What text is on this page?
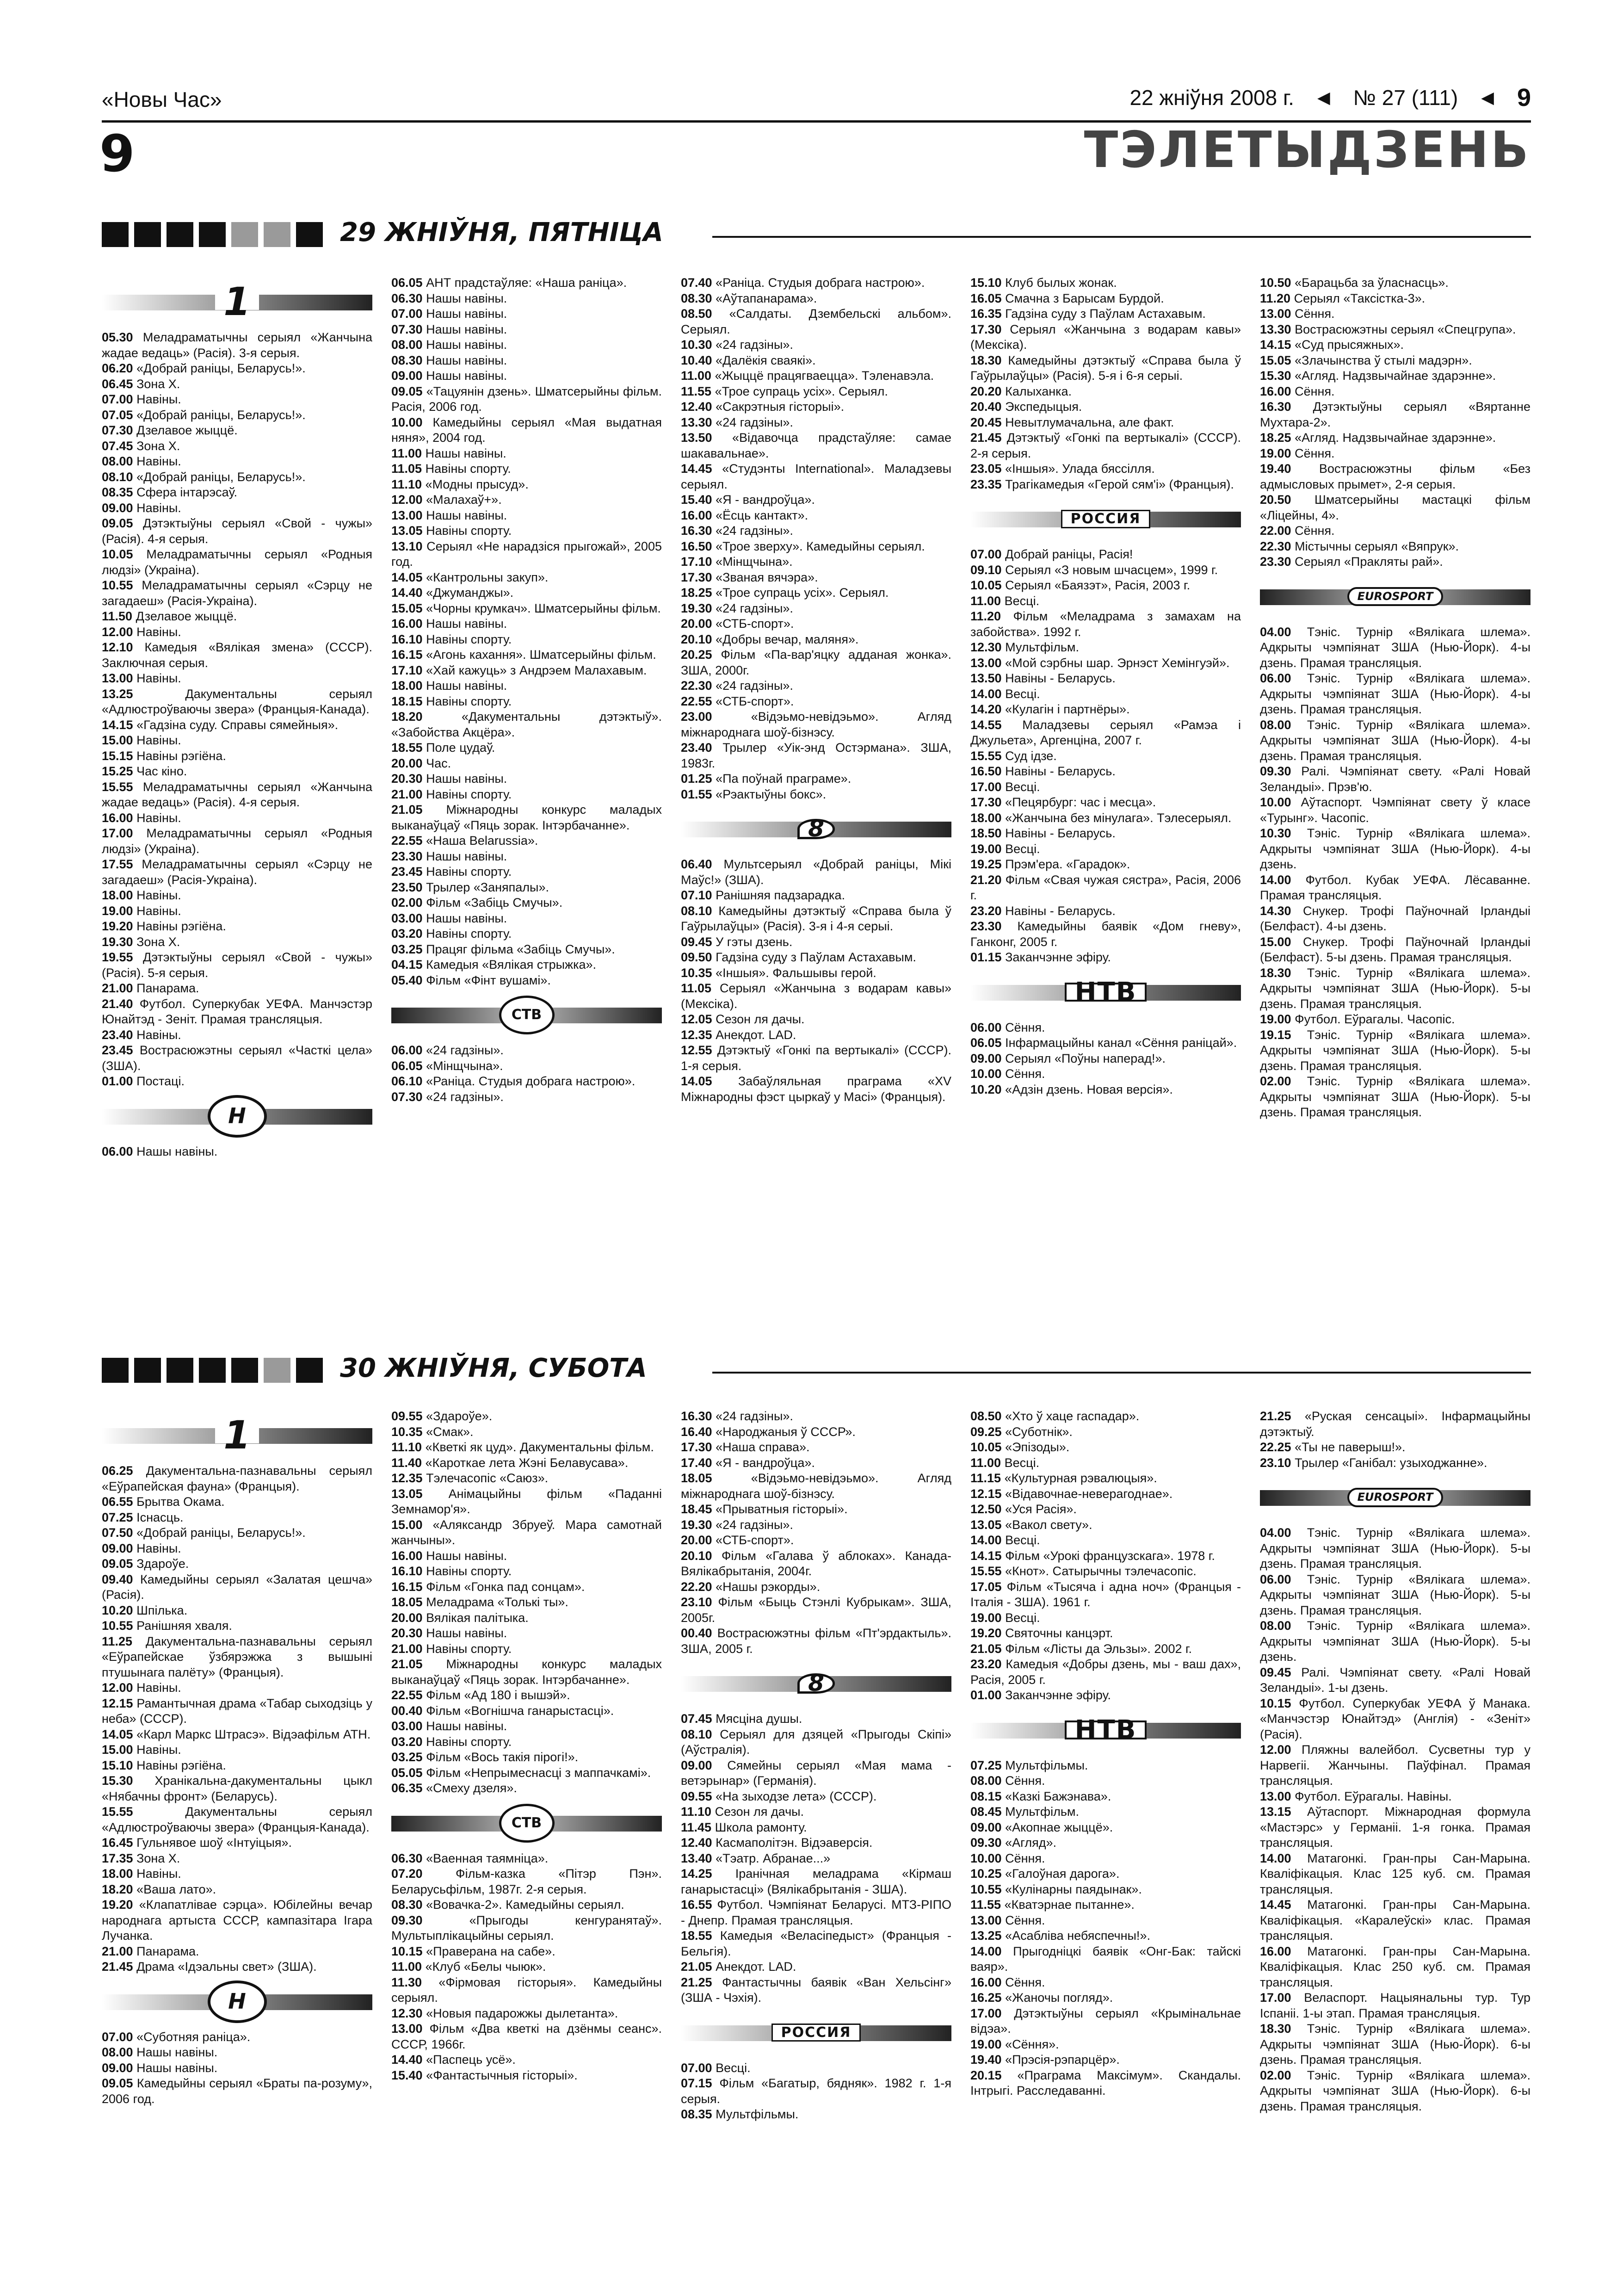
«Новы Час»	22 жніўня 2008 г. ◀ № 27 (111) ◀ 9
9	ТЭЛЕТЫДЗЕНЬ
29 ЖНІЎНЯ, ПЯТНІЦА
1

05.30 Меладраматычны серыял «Жанчына жадае ведаць» (Расія). 3-я серыя.

06.20 «Добрай раніцы, Беларусь!».

06.45 Зона Х.

07.00 Навіны.

07.05 «Добрай раніцы, Беларусь!».

07.30 Дзелавое жыццё.

07.45 Зона Х.

08.00 Навіны.

08.10 «Добрай раніцы, Беларусь!».

08.35 Сфера інтарэсаў.

09.00 Навіны.

09.05 Дэтэктыўны серыял «Свой - чужы» (Расія). 4-я серыя.

10.05 Меладраматычны серыял «Родныя людзі» (Украіна).

10.55 Меладраматычны серыял «Сэрцу не загадаеш» (Расія-Украіна).

11.50 Дзелавое жыццё.

12.00 Навіны.

12.10 Камедыя «Вялікая змена» (СССР). Заключная серыя.

13.00 Навіны.

13.25	Дакументальны серыял «Адлюстроўваючы звера» (Францыя-Канада).

14.15 «Гадзіна суду. Справы сямейныя».

15.00 Навіны.

15.15 Навіны рэгіёна.

15.25 Час кіно.

15.55 Меладраматычны серыял «Жанчына жадае ведаць» (Расія). 4-я серыя.

16.00 Навіны.

17.00 Меладраматычны серыял «Родныя людзі» (Украіна).

17.55 Меладраматычны серыял «Сэрцу не загадаеш» (Расія-Украіна).

18.00 Навіны.

19.00 Навіны.

19.20 Навіны рэгіёна.

19.30 Зона Х.

19.55 Дэтэктыўны серыял «Свой - чужы» (Расія). 5-я серыя.

21.00 Панарама.

21.40 Футбол. Суперкубак УЕФА. Манчэстэр Юнайтэд - Зеніт. Прамая трансляцыя.

23.40 Навіны.

23.45 Вострасюжэтны серыял «Часткі цела» (ЗША).

01.00 Постаці.

Н

06.00 Нашы навіны.

06.05 АНТ прадстаўляе: «Наша раніца».

06.30 Нашы навіны.

07.00 Нашы навіны.

07.30 Нашы навіны.

08.00 Нашы навіны.

08.30 Нашы навіны.

09.00 Нашы навіны.

09.05 «Тацуянін дзень». Шматсерыйны фільм. Расія, 2006 год.

10.00 Камедыйны серыял «Мая выдатная няня», 2004 год.

11.00 Нашы навіны.

11.05 Навіны спорту.

11.10 «Модны прысуд».

12.00 «Малахаў+».

13.00 Нашы навіны.

13.05 Навіны спорту.

13.10 Серыял «Не нарадзіся прыгожай», 2005 год.

14.05 «Кантрольны закуп».

14.40 «Джуманджы».

15.05 «Чорны крумкач». Шматсерыйны фільм.

16.00 Нашы навіны.

16.10 Навіны спорту.

16.15 «Агонь кахання». Шматсерыйны фільм.

17.10 «Хай кажуць» з Андрэем Малахавым.

18.00 Нашы навіны.

18.15 Навіны спорту.

18.20	«Дакументальны дэтэктыў». «Забойства Акцёра».

18.55 Поле цудаў.

20.00 Час.

20.30 Нашы навіны.

21.00 Навіны спорту.

21.05 Міжнародны конкурс маладых выканаўцаў «Пяць зорак. Інтэрбачанне».

22.55 «Наша Belarussia».

23.30 Нашы навіны.

23.45 Навіны спорту.

23.50 Трылер «Заняпалы».

02.00 Фільм «Забіць Смучы».

03.00 Нашы навіны.

03.20 Навіны спорту.

03.25 Працяг фільма «Забіць Смучы».

04.15 Камедыя «Вялікая стрыжка».

05.40 Фільм «Фінт вушамі».

СТВ

06.00 «24 гадзіны».

06.05 «Мінщчына».

06.10 «Раніца. Студыя добрага настрою».

07.30 «24 гадзіны».

07.40 «Раніца. Студыя добрага настрою».

08.30 «Аўтапанарама».

08.50 «Салдаты. Дзембельскі альбом». Серыял.

10.30 «24 гадзіны».

10.40 «Далёкія сваякі».

11.00 «Жыццё працягваецца». Тэленавэла.

11.55 «Трое супраць усіх». Серыял.

12.40 «Сакрэтныя гісторыі».

13.30 «24 гадзіны».

13.50 «Відавочца прадстаўляе: самае шакавальнае».

14.45 «Студэнты International». Маладзевы серыял.

15.40 «Я - вандроўца».

16.00 «Ёсць кантакт».

16.30 «24 гадзіны».

16.50 «Трое зверху». Камедыйны серыял.

17.10 «Мінщчына».

17.30 «Званая вячэра».

18.25 «Трое супраць усіх». Серыял.

19.30 «24 гадзіны».

20.00 «СТБ-спорт».

20.10 «Добры вечар, маляня».

20.25 Фільм «Па-вар'яцку адданая жонка». ЗША, 2000г.

22.30 «24 гадзіны».

22.55 «СТБ-спорт».

23.00	«Відэьмо-невідэьмо». Агляд міжнароднага шоў-бізнэсу.

23.40 Трылер «Уік-энд Остэрмана». ЗША, 1983г.

01.25 «Па поўнай праграме».

01.55 «Рэактыўны бокс».

8

06.40 Мультсерыял «Добрай раніцы, Мікі Маўс!» (ЗША).

07.10 Ранішняя падзарадка.

08.10 Камедыйны дэтэктыў «Справа была ў Гаўрылаўцы» (Расія). 3-я і 4-я серыі.

09.45 У гэты дзень.

09.50 Гадзіна суду з Паўлам Астахавым.

10.35 «Іншыя». Фальшывы герой.

11.05 Серыял «Жанчына з водарам кавы» (Мексіка).

12.05 Сезон ля дачы.

12.35 Анекдот. LAD.

12.55 Дэтэктыў «Гонкі па вертыкалі» (СССР). 1-я серыя.

14.05 Забаўляльная праграма «XV Міжнародны фэст цыркаў у Масі» (Францыя).

15.10 Клуб былых жонак.

16.05 Смачна з Барысам Бурдой.

16.35 Гадзіна суду з Паўлам Астахавым.

17.30 Серыял «Жанчына з водарам кавы» (Мексіка).

18.30 Камедыйны дэтэктыў «Справа была ў Гаўрылаўцы» (Расія). 5-я і 6-я серыі.

20.20 Калыханка.

20.40 Экспедыцыя.

20.45 Невытлумачальна, але факт.

21.45 Дэтэктыў «Гонкі па вертыкалі» (СССР). 2-я серыя.

23.05 «Іншыя». Улада бяссілля.

23.35 Трагікамедыя «Герой сям'і» (Францыя).

РОССИЯ

07.00 Добрай раніцы, Расія!

09.10 Серыял «З новым шчасцем», 1999 г.

10.05 Серыял «Баязэт», Расія, 2003 г.

11.00 Весці.

11.20 Фільм «Меладрама з замахам на забойства». 1992 г.

12.30 Мультфільм.

13.00 «Мой сэрбны шар. Эрнэст Хемінгуэй».

13.50 Навіны - Беларусь.

14.00 Весці.

14.20 «Кулагін і партнёры».

14.55 Маладзевы серыял «Рамэа і Джульета», Аргенціна, 2007 г.

15.55 Суд ідзе.

16.50 Навіны - Беларусь.

17.00 Весці.

17.30 «Пецярбург: час і месца».

18.00 «Жанчына без мінулага». Тэлесерыял.

18.50 Навіны - Беларусь.

19.00 Весці.

19.25 Прэм'ера. «Гарадок».

21.20 Фільм «Свая чужая сястра», Расія, 2006 г.

23.20 Навіны - Беларусь.

23.30 Камедыйны баявік «Дом гневу», Ганконг, 2005 г.

01.15 Заканчэнне эфіру.

НТВ

06.00 Сёння.

06.05 Інфармацыйны канал «Сёння раніцай».

09.00 Серыял «Поўны наперад!».

10.00 Сёння.

10.20 «Адзін дзень. Новая версія».

10.50 «Барацьба за ўласнасць».

11.20 Серыял «Таксістка-3».

13.00 Сёння.

13.30 Вострасюжэтны серыял «Спецгрупа».

14.15 «Суд прысяжных».

15.05 «Злачынства ў стылі мадэрн».

15.30 «Агляд. Надзвычайнае здарэнне».

16.00 Сёння.

16.30 Дэтэктыўны серыял «Вяртанне Мухтара-2».

18.25 «Агляд. Надзвычайнае здарэнне».

19.00 Сёння.

19.40 Вострасюжэтны фільм «Без адмысловых прымет», 2-я серыя.

20.50 Шматсерыйны мастацкі фільм «Ліцейны, 4».

22.00 Сёння.

22.30 Містычны серыял «Вяпрук».

23.30 Серыял «Пракляты рай».

EUROSPORT

04.00 Тэніс. Турнір «Вялікага шлема». Адкрыты чэмпіянат ЗША (Нью-Йорк). 4-ы дзень. Прамая трансляцыя.

06.00 Тэніс. Турнір «Вялікага шлема». Адкрыты чэмпіянат ЗША (Нью-Йорк). 4-ы дзень. Прамая трансляцыя.

08.00 Тэніс. Турнір «Вялікага шлема». Адкрыты чэмпіянат ЗША (Нью-Йорк). 4-ы дзень. Прамая трансляцыя.

09.30 Ралі. Чэмпіянат свету. «Ралі Новай Зеландыі». Прэв'ю.

10.00 Аўтаспорт. Чэмпіянат свету ў класе «Турынг». Часопіс.

10.30 Тэніс. Турнір «Вялікага шлема». Адкрыты чэмпіянат ЗША (Нью-Йорк). 4-ы дзень.

14.00 Футбол. Кубак УЕФА. Лёсаванне. Прамая трансляцыя.

14.30 Снукер. Трофі Паўночнай Ірландыі (Белфаст). 4-ы дзень.

15.00 Снукер. Трофі Паўночнай Ірландыі (Белфаст). 5-ы дзень. Прамая трансляцыя.

18.30 Тэніс. Турнір «Вялікага шлема». Адкрыты чэмпіянат ЗША (Нью-Йорк). 5-ы дзень. Прамая трансляцыя.

19.00 Футбол. Еўрагалы. Часопіс.

19.15 Тэніс. Турнір «Вялікага шлема». Адкрыты чэмпіянат ЗША (Нью-Йорк). 5-ы дзень. Прамая трансляцыя.

02.00 Тэніс. Турнір «Вялікага шлема». Адкрыты чэмпіянат ЗША (Нью-Йорк). 5-ы дзень. Прамая трансляцыя.

30 ЖНІЎНЯ, СУБОТА
1

06.25 Дакументальна-пазнавальны серыял «Еўрапейская фауна» (Францыя).

06.55 Брытва Окама.

07.25 Існасць.

07.50 «Добрай раніцы, Беларусь!».

09.00 Навіны.

09.05 Здароўе.

09.40 Камедыйны серыял «Залатая цешча» (Расія).

10.20 Шпілька.

10.55 Ранішняя хваля.

11.25 Дакументальна-пазнавальны серыял «Еўрапейскае ўзбярэжжа з вышыні птушынага палёту» (Францыя).

12.00 Навіны.

12.15 Рамантычная драма «Табар сыходзіць у неба» (СССР).

14.05 «Карл Маркс Штрасэ». Відэафільм АТН.

15.00 Навіны.

15.10 Навіны рэгіёна.

15.30 Хранікальна-дакументальны цыкл «Нябачны фронт» (Беларусь).

15.55	Дакументальны серыял «Адлюстроўваючы звера» (Францыя-Канада).

16.45 Гульнявое шоў «Інтуіцыя».

17.35 Зона Х.

18.00 Навіны.

18.20 «Ваша лато».

19.20 «Клапатлівае сэрца». Юбілейны вечар народнага артыста СССР, кампазітара Ігара Лучанка.

21.00 Панарама.

21.45 Драма «Ідэальны свет» (ЗША).

Н

07.00 «Суботняя раніца».

08.00 Нашы навіны.

09.00 Нашы навіны.

09.05 Камедыйны серыял «Браты па-розуму», 2006 год.

09.55 «Здароўе».

10.35 «Смак».

11.10 «Кветкі як цуд». Дакументальны фільм.

11.40 «Кароткае лета Жэні Белавусава».

12.35 Тэлечасопіс «Саюз».

13.05 Анімацыйны фільм «Паданні Земнамор'я».

15.00 «Аляксандр Збруеў. Мара самотнай жанчыны».

16.00 Нашы навіны.

16.10 Навіны спорту.

16.15 Фільм «Гонка пад сонцам».

18.05 Меладрама «Толькі ты».

20.00 Вялікая палітыка.

20.30 Нашы навіны.

21.00 Навіны спорту.

21.05 Міжнародны конкурс маладых выканаўцаў «Пяць зорак. Інтэрбачанне».

22.55 Фільм «Ад 180 і вышэй».

00.40 Фільм «Вогнішча ганарыстасці».

03.00 Нашы навіны.

03.20 Навіны спорту.

03.25 Фільм «Вось такія пірогі!».

05.05 Фільм «Непрымеснасці з маппачкамі».

06.35 «Смеху дзеля».

СТВ

06.30 «Ваенная таямніца».

07.20	Фільм-казка «Пітэр Пэн». Беларусьфільм, 1987г. 2-я серыя.

08.30 «Вовачка-2». Камедыйны серыял.

09.30	«Прыгоды кенгуранятаў». Мультыплікацыйны серыял.

10.15 «Праверана на сабе».

11.00 «Клуб «Белы чыюк».

11.30 «Фірмовая гісторыя». Камедыйны серыял.

12.30 «Новыя падарожжы дылетанта».

13.00 Фільм «Два кветкі на дзёнмы сеанс». СССР, 1966г.

14.40 «Паспець усё».

15.40 «Фантастычныя гісторыі».

16.30 «24 гадзіны».

16.40 «Народжаныя ў СССР».

17.30 «Наша справа».

17.40 «Я - вандроўца».

18.05	«Відэьмо-невідэьмо». Агляд міжнароднага шоў-бізнэсу.

18.45 «Прыватныя гісторыі».

19.30 «24 гадзіны».

20.00 «СТБ-спорт».

20.10 Фільм «Галава ў аблоках». Канада-Вялікабрытанія, 2004г.

22.20 «Нашы рэкорды».

23.10 Фільм «Быць Стэнлі Кубрыкам». ЗША, 2005г.

00.40 Вострасюжэтны фільм «Пт'эрдактыль». ЗША, 2005 г.

8

07.45 Мясціна душы.

08.10 Серыял для дзяцей «Прыгоды Скіпі» (Аўстралія).

09.00 Сямейны серыял «Мая мама - ветэрынар» (Германія).

09.55 «На зыходзе лета» (СССР).

11.10 Сезон ля дачы.

11.45 Школа рамонту.

12.40 Касмаполітэн. Відэаверсія.

13.40 «Тэатр. Абранае...»

14.25 Іранічная меладрама «Кірмаш ганарыстасці» (Вялікабрытанія - ЗША).

16.55 Футбол. Чэмпіянат Беларусі. МТЗ-РІПО - Днепр. Прамая трансляцыя.

18.55 Камедыя «Веласіпедыст» (Францыя - Бельгія).

21.05 Анекдот. LAD.

21.25 Фантастычны баявік «Ван Хельсінг» (ЗША - Чэхія).

РОССИЯ

07.00 Весці.

07.15 Фільм «Багатыр, бядняк». 1982 г. 1-я серыя.

08.35 Мультфільмы.

08.50 «Хто ў хаце гаспадар».

09.25 «Суботнік».

10.05 «Эпізоды».

11.00 Весці.

11.15 «Культурная рэвалюцыя».

12.15 «Відавочнае-неверагоднае».

12.50 «Уся Расія».

13.05 «Вакол свету».

14.00 Весці.

14.15 Фільм «Урокі французскага». 1978 г.

15.55 «Кнот». Сатырычны тэлечасопіс.

17.05 Фільм «Тысяча і адна ноч» (Францыя - Італія - ЗША). 1961 г.

19.00 Весці.

19.20 Святочны канцэрт.

21.05 Фільм «Лісты да Эльзы». 2002 г.

23.20 Камедыя «Добры дзень, мы - ваш дах», Расія, 2005 г.

01.00 Заканчэнне эфіру.

НТВ

07.25 Мультфільмы.

08.00 Сёння.

08.15 «Казкі Бажэнава».

08.45 Мультфільм.

09.00 «Акопнае жыццё».

09.30 «Агляд».

10.00 Сёння.

10.25 «Галоўная дарога».

10.55 «Кулінарны паядынак».

11.55 «Кватэрнае пытанне».

13.00 Сёння.

13.25 «Асабліва небяспечны!».

14.00 Прыгодніцкі баявік «Онг-Бак: тайскі ваяр».

16.00 Сёння.

16.25 «Жаночы погляд».

17.00 Дэтэктыўны серыял «Крымінальнае відэа».

19.00 «Сёння».

19.40 «Прэсія-рэпарцёр».

20.15 «Праграма Максімум». Скандалы. Інтрыгі. Расследаванні.

21.25 «Руская сенсацыі». Інфармацыйны дэтэктыў.

22.25 «Ты не паверыш!».

23.10 Трылер «Ганібал: узыходжанне».

EUROSPORT

04.00 Тэніс. Турнір «Вялікага шлема». Адкрыты чэмпіянат ЗША (Нью-Йорк). 5-ы дзень. Прамая трансляцыя.

06.00 Тэніс. Турнір «Вялікага шлема». Адкрыты чэмпіянат ЗША (Нью-Йорк). 5-ы дзень. Прамая трансляцыя.

08.00 Тэніс. Турнір «Вялікага шлема». Адкрыты чэмпіянат ЗША (Нью-Йорк). 5-ы дзень.

09.45 Ралі. Чэмпіянат свету. «Ралі Новай Зеландыі». 1-ы дзень.

10.15 Футбол. Суперкубак УЕФА ў Манака. «Манчэстэр Юнайтэд» (Англія) - «Зеніт» (Расія).

12.00 Пляжны валейбол. Сусветны тур у Нарвегіі. Жанчыны. Паўфінал. Прамая трансляцыя.

13.00 Футбол. Еўрагалы. Навіны.

13.15 Аўтаспорт. Міжнародная формула «Мастэрс» у Германіі. 1-я гонка. Прамая трансляцыя.

14.00 Матагонкі. Гран-пры Сан-Марына. Кваліфікацыя. Клас 125 куб. см. Прамая трансляцыя.

14.45 Матагонкі. Гран-пры Сан-Марына. Кваліфікацыя. «Каралеўскі» клас. Прамая трансляцыя.

16.00 Матагонкі. Гран-пры Сан-Марына. Кваліфікацыя. Клас 250 куб. см. Прамая трансляцыя.

17.00 Веласпорт. Нацыянальны тур. Тур Іспаніі. 1-ы этап. Прамая трансляцыя.

18.30 Тэніс. Турнір «Вялікага шлема». Адкрыты чэмпіянат ЗША (Нью-Йорк). 6-ы дзень. Прамая трансляцыя.

02.00 Тэніс. Турнір «Вялікага шлема». Адкрыты чэмпіянат ЗША (Нью-Йорк). 6-ы дзень. Прамая трансляцыя.
